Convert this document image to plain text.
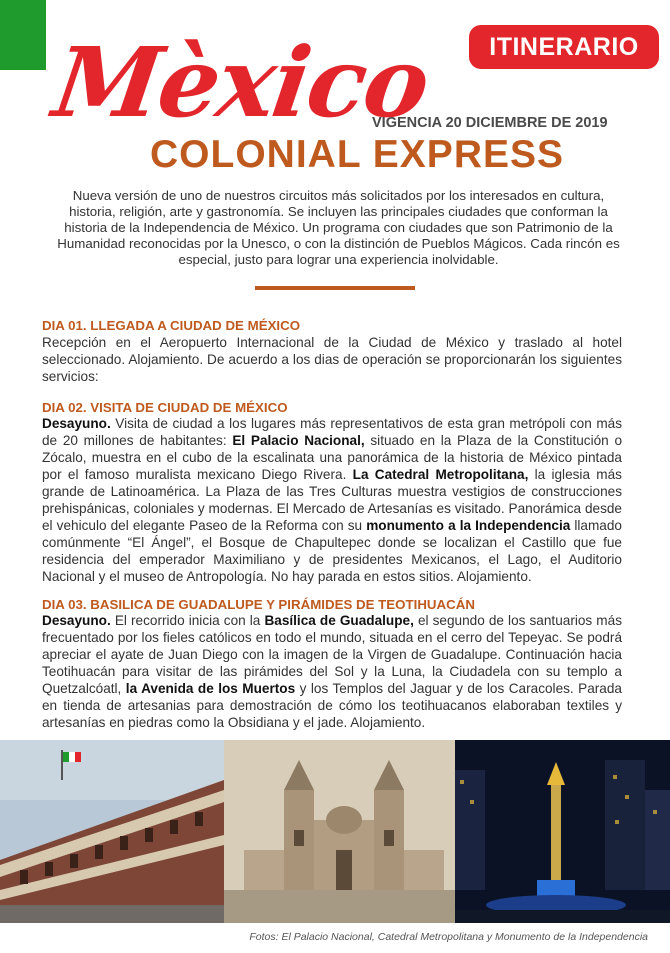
Mèxico	ITINERARIO
VIGENCIA 20 DICIEMBRE DE 2019
COLONIAL EXPRESS
Nueva versión de uno de nuestros circuitos más solicitados por los interesados en cultura, historia, religión, arte y gastronomía. Se incluyen las principales ciudades que conforman la historia de la Independencia de México. Un programa con ciudades que son Patrimonio de la Humanidad reconocidas por la Unesco, o con la distinción de Pueblos Mágicos. Cada rincón es especial, justo para lograr una experiencia inolvidable.
DIA 01. LLEGADA A CIUDAD DE MÉXICO
Recepción en el Aeropuerto Internacional de la Ciudad de México y traslado al hotel seleccionado. Alojamiento. De acuerdo a los dias de operación se proporcionarán los siguientes servicios:
DIA 02. VISITA DE CIUDAD DE MÉXICO
Desayuno. Visita de ciudad a los lugares más representativos de esta gran metrópoli con más de 20 millones de habitantes: El Palacio Nacional, situado en la Plaza de la Constitución o Zócalo, muestra en el cubo de la escalinata una panorámica de la historia de México pintada por el famoso muralista mexicano Diego Rivera. La Catedral Metropolitana, la iglesia más grande de Latinoamérica. La Plaza de las Tres Culturas muestra vestigios de construcciones prehispánicas, coloniales y modernas. El Mercado de Artesanías es visitado. Panorámica desde el vehiculo del elegante Paseo de la Reforma con su monumento a la Independencia llamado comúnmente “El Ángel”, el Bosque de Chapultepec donde se localizan el Castillo que fue residencia del emperador Maximiliano y de presidentes Mexicanos, el Lago, el Auditorio Nacional y el museo de Antropología. No hay parada en estos sitios. Alojamiento.
DIA 03. BASILICA DE GUADALUPE Y PIRÁMIDES DE TEOTIHUACÁN
Desayuno. El recorrido inicia con la Basílica de Guadalupe, el segundo de los santuarios más frecuentado por los fieles católicos en todo el mundo, situada en el cerro del Tepeyac. Se podrá apreciar el ayate de Juan Diego con la imagen de la Virgen de Guadalupe. Continuación hacia Teotihuacán para visitar de las pirámides del Sol y la Luna, la Ciudadela con su templo a Quetzalcóatl, la Avenida de los Muertos y los Templos del Jaguar y de los Caracoles. Parada en tienda de artesanias para demostración de cómo los teotihuacanos elaboraban textiles y artesanías en piedras como la Obsidiana y el jade. Alojamiento.
Fotos: El Palacio Nacional, Catedral Metropolitana y Monumento de la Independencia
